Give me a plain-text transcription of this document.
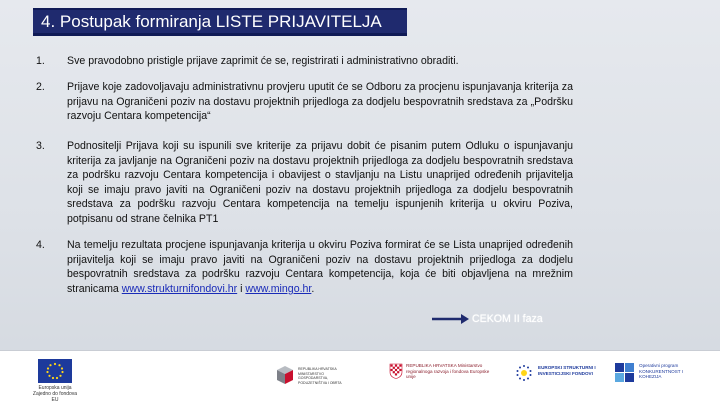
4. Postupak formiranja LISTE PRIJAVITELJA
1.	Sve pravodobno pristigle prijave zaprimit će se, registrirati i administrativno obraditi.
2.	Prijave koje zadovoljavaju administrativnu provjeru uputit će se Odboru za procjenu ispunjavanja kriterija za prijavu na Ograničeni poziv na dostavu projektnih prijedloga za dodjelu bespovratnih sredstava za „Podršku razvoju Centara kompetencija“
3.	Podnositelji Prijava koji su ispunili sve kriterije za prijavu dobit će pisanim putem Odluku o ispunjavanju kriterija za javljanje na Ograničeni poziv na dostavu projektnih prijedloga za dodjelu bespovratnih sredstava za podršku razvoju Centara kompetencija i obavijest o stavljanju na Listu unaprijed određenih prijavitelja koji se imaju pravo javiti na Ograničeni poziv na dostavu projektnih prijedloga za dodjelu bespovratnih sredstava za podršku razvoju Centara kompetencija na temelju ispunjenih kriterija u okviru Poziva, potpisanu od strane čelnika PT1
4.	Na temelju rezultata procjene ispunjavanja kriterija u okviru Poziva formirat će se Lista unaprijed određenih prijavitelja koji se imaju pravo javiti na Ograničeni poziv na dostavu projektnih prijedloga za dodjelu bespovratnih sredstava za podršku razvoju Centara kompetencija, koja će biti objavljena na mrežnim stranicama www.strukturnifondovi.hr i www.mingo.hr.
CEKOM II faza
Europska unija Zajedno do fondova EU
REPUBLIKA HRVATSKA MINISTARSTVO GOSPODARSTVA, PODUZETNIŠTVA I OBRTA
REPUBLIKA HRVATSKA Ministarstvo regionalnoga razvoja i fondova Europske unije
EUROPSKI STRUKTURNI I INVESTICIJSKI FONDOVI
Operativni program KONKURENTNOST I KOHEZIJA
